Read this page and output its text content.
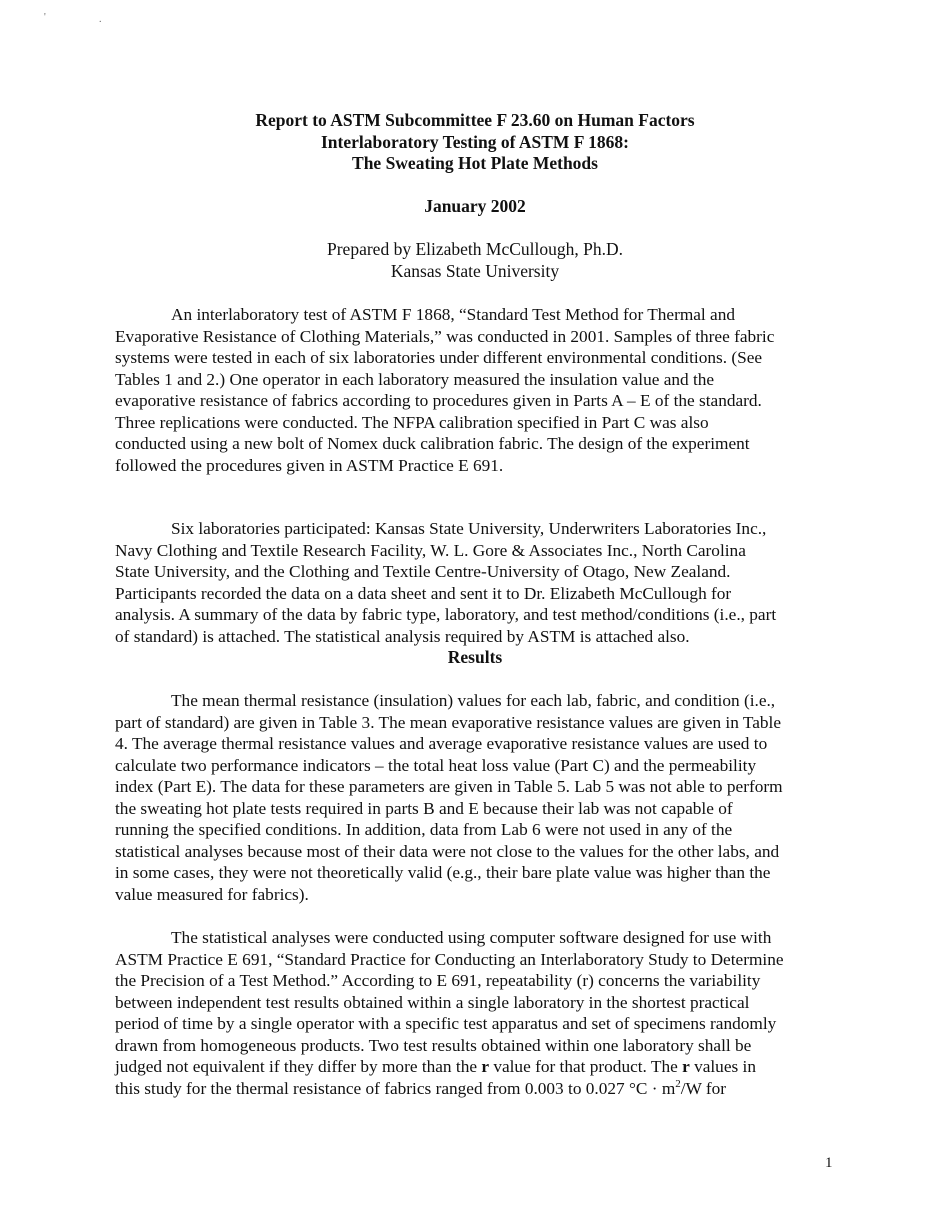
'	.
Report to ASTM Subcommittee F 23.60 on Human Factors
Interlaboratory Testing of ASTM F 1868:
The Sweating Hot Plate Methods
January 2002
Prepared by Elizabeth McCullough, Ph.D.
Kansas State University
An interlaboratory test of ASTM F 1868, “Standard Test Method for Thermal and
Evaporative Resistance of Clothing Materials,” was conducted in 2001. Samples of three fabric
systems were tested in each of six laboratories under different environmental conditions. (See
Tables 1 and 2.) One operator in each laboratory measured the insulation value and the
evaporative resistance of fabrics according to procedures given in Parts A – E of the standard.
Three replications were conducted. The NFPA calibration specified in Part C was also
conducted using a new bolt of Nomex duck calibration fabric. The design of the experiment
followed the procedures given in ASTM Practice E 691.
Six laboratories participated: Kansas State University, Underwriters Laboratories Inc.,
Navy Clothing and Textile Research Facility, W. L. Gore & Associates Inc., North Carolina
State University, and the Clothing and Textile Centre-University of Otago, New Zealand.
Participants recorded the data on a data sheet and sent it to Dr. Elizabeth McCullough for
analysis. A summary of the data by fabric type, laboratory, and test method/conditions (i.e., part
of standard) is attached. The statistical analysis required by ASTM is attached also.
Results
The mean thermal resistance (insulation) values for each lab, fabric, and condition (i.e.,
part of standard) are given in Table 3. The mean evaporative resistance values are given in Table
4. The average thermal resistance values and average evaporative resistance values are used to
calculate two performance indicators – the total heat loss value (Part C) and the permeability
index (Part E). The data for these parameters are given in Table 5. Lab 5 was not able to perform
the sweating hot plate tests required in parts B and E because their lab was not capable of
running the specified conditions. In addition, data from Lab 6 were not used in any of the
statistical analyses because most of their data were not close to the values for the other labs, and
in some cases, they were not theoretically valid (e.g., their bare plate value was higher than the
value measured for fabrics).
The statistical analyses were conducted using computer software designed for use with
ASTM Practice E 691, “Standard Practice for Conducting an Interlaboratory Study to Determine
the Precision of a Test Method.” According to E 691, repeatability (r) concerns the variability
between independent test results obtained within a single laboratory in the shortest practical
period of time by a single operator with a specific test apparatus and set of specimens randomly
drawn from homogeneous products. Two test results obtained within one laboratory shall be
judged not equivalent if they differ by more than the r value for that product. The r values in
this study for the thermal resistance of fabrics ranged from 0.003 to 0.027 $^\circ C \cdot m^2/W$ for
1
